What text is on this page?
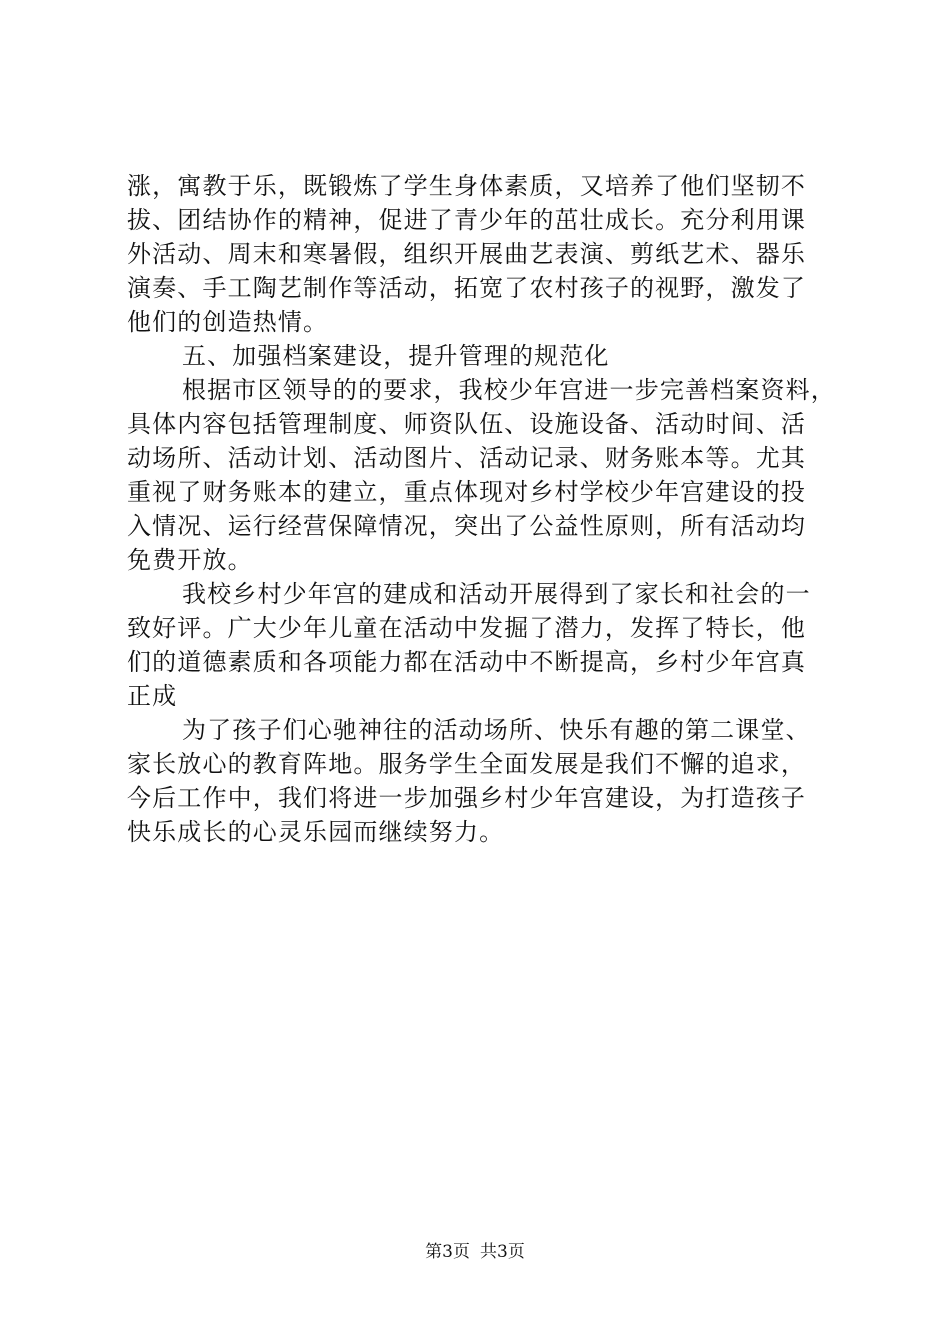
涨，寓教于乐，既锻炼了学生身体素质，又培养了他们坚韧不
拔、团结协作的精神，促进了青少年的茁壮成长。充分利用课
外活动、周末和寒暑假，组织开展曲艺表演、剪纸艺术、器乐
演奏、手工陶艺制作等活动，拓宽了农村孩子的视野，激发了
他们的创造热情。
五、加强档案建设，提升管理的规范化
根据市区领导的的要求，我校少年宫进一步完善档案资料，
具体内容包括管理制度、师资队伍、设施设备、活动时间、活
动场所、活动计划、活动图片、活动记录、财务账本等。尤其
重视了财务账本的建立，重点体现对乡村学校少年宫建设的投
入情况、运行经营保障情况，突出了公益性原则，所有活动均
免费开放。
我校乡村少年宫的建成和活动开展得到了家长和社会的一
致好评。广大少年儿童在活动中发掘了潜力，发挥了特长，他
们的道德素质和各项能力都在活动中不断提高，乡村少年宫真
正成
为了孩子们心驰神往的活动场所、快乐有趣的第二课堂、
家长放心的教育阵地。服务学生全面发展是我们不懈的追求，
今后工作中，我们将进一步加强乡村少年宫建设，为打造孩子
快乐成长的心灵乐园而继续努力。
第3页 共3页
